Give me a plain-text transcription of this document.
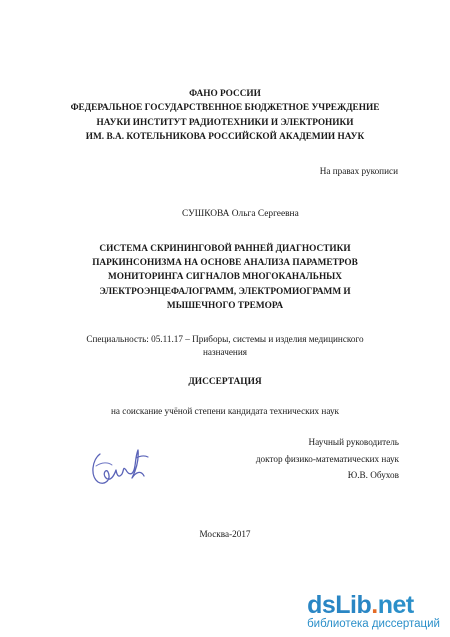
ФАНО РОССИИ
ФЕДЕРАЛЬНОЕ ГОСУДАРСТВЕННОЕ БЮДЖЕТНОЕ УЧРЕЖДЕНИЕ
НАУКИ ИНСТИТУТ РАДИОТЕХНИКИ И ЭЛЕКТРОНИКИ
ИМ. В.А. КОТЕЛЬНИКОВА РОССИЙСКОЙ АКАДЕМИИ НАУК
На правах рукописи
СУШКОВА Ольга Сергеевна
СИСТЕМА СКРИНИНГОВОЙ РАННЕЙ ДИАГНОСТИКИ
ПАРКИНСОНИЗМА НА ОСНОВЕ АНАЛИЗА ПАРАМЕТРОВ
МОНИТОРИНГА СИГНАЛОВ МНОГОКАНАЛЬНЫХ
ЭЛЕКТРОЭНЦЕФАЛОГРАММ, ЭЛЕКТРОМИОГРАММ И
МЫШЕЧНОГО ТРЕМОРА
Специальность: 05.11.17 – Приборы, системы и изделия медицинского
назначения
ДИССЕРТАЦИЯ
на соискание учёной степени кандидата технических наук
Научный руководитель
доктор физико-математических наук
Ю.В. Обухов
Москва-2017
dsLib.net
библиотека диссертаций
